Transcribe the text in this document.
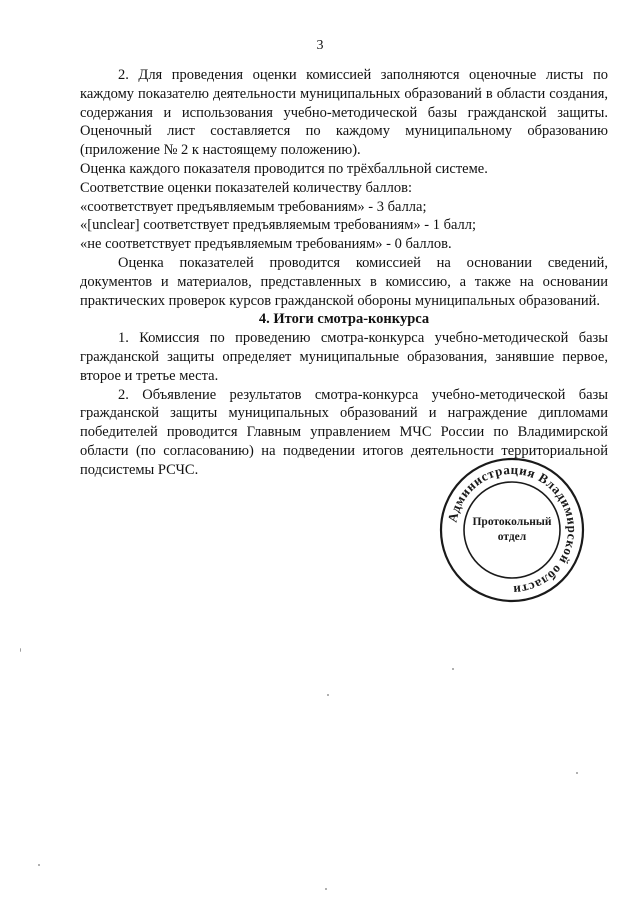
3

2. Для проведения оценки комиссией заполняются оценочные листы по каждому показателю деятельности муниципальных образований в области создания, содержания и использования учебно-методической базы гражданской защиты. Оценочный лист составляется по каждому муниципальному образованию (приложение № 2 к настоящему положению).

Оценка каждого показателя проводится по трёхбалльной системе.

Соответствие оценки показателей количеству баллов:

«соответствует предъявляемым требованиям» - 3 балла;

«[unclear] соответствует предъявляемым требованиям» - 1 балл;

«не соответствует предъявляемым требованиям» - 0 баллов.

Оценка показателей проводится комиссией на основании сведений, документов и материалов, представленных в комиссию, а также на основании практических проверок курсов гражданской обороны муниципальных образований.

4. Итоги смотра-конкурса

1. Комиссия по проведению смотра-конкурса учебно-методической базы гражданской защиты определяет муниципальные образования, занявшие первое, второе и третье места.

2. Объявление результатов смотра-конкурса учебно-методической базы гражданской защиты муниципальных образований и награждение дипломами победителей проводится Главным управлением МЧС России по Владимирской области (по согласованию) на подведении итогов деятельности территориальной подсистемы РСЧС.

Администрация Владимирской области
Протокольный
отдел
